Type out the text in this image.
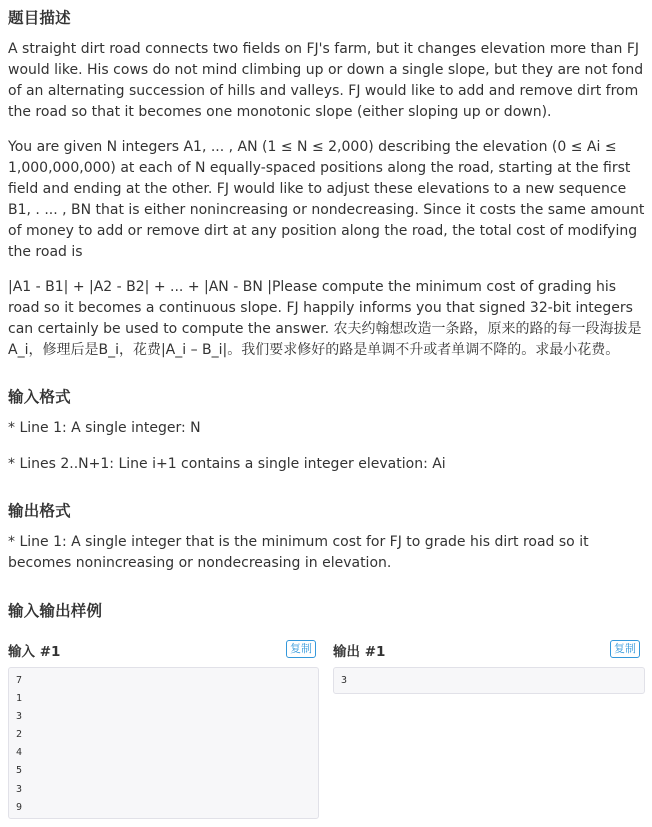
题目描述

A straight dirt road connects two fields on FJ's farm, but it changes elevation more than FJ would like. His cows do not mind climbing up or down a single slope, but they are not fond of an alternating succession of hills and valleys. FJ would like to add and remove dirt from the road so that it becomes one monotonic slope (either sloping up or down).

You are given N integers A1, ... , AN (1 ≤ N ≤ 2,000) describing the elevation (0 ≤ Ai ≤ 1,000,000,000) at each of N equally-spaced positions along the road, starting at the first field and ending at the other. FJ would like to adjust these elevations to a new sequence B1, . ... , BN that is either nonincreasing or nondecreasing. Since it costs the same amount of money to add or remove dirt at any position along the road, the total cost of modifying the road is

|A1 - B1| + |A2 - B2| + ... + |AN - BN |Please compute the minimum cost of grading his road so it becomes a continuous slope. FJ happily informs you that signed 32-bit integers can certainly be used to compute the answer. 农夫约翰想改造一条路，原来的路的每一段海拔是A_i，修理后是B_i，花费|A_i – B_i|。我们要求修好的路是单调不升或者单调不降的。求最小花费。

输入格式

* Line 1: A single integer: N

* Lines 2..N+1: Line i+1 contains a single integer elevation: Ai

输出格式

* Line 1: A single integer that is the minimum cost for FJ to grade his dirt road so it becomes nonincreasing or nondecreasing in elevation.

输入输出样例
输入 #1	复制
7
1
3
2
4
5
3
9
输出 #1	复制
3
